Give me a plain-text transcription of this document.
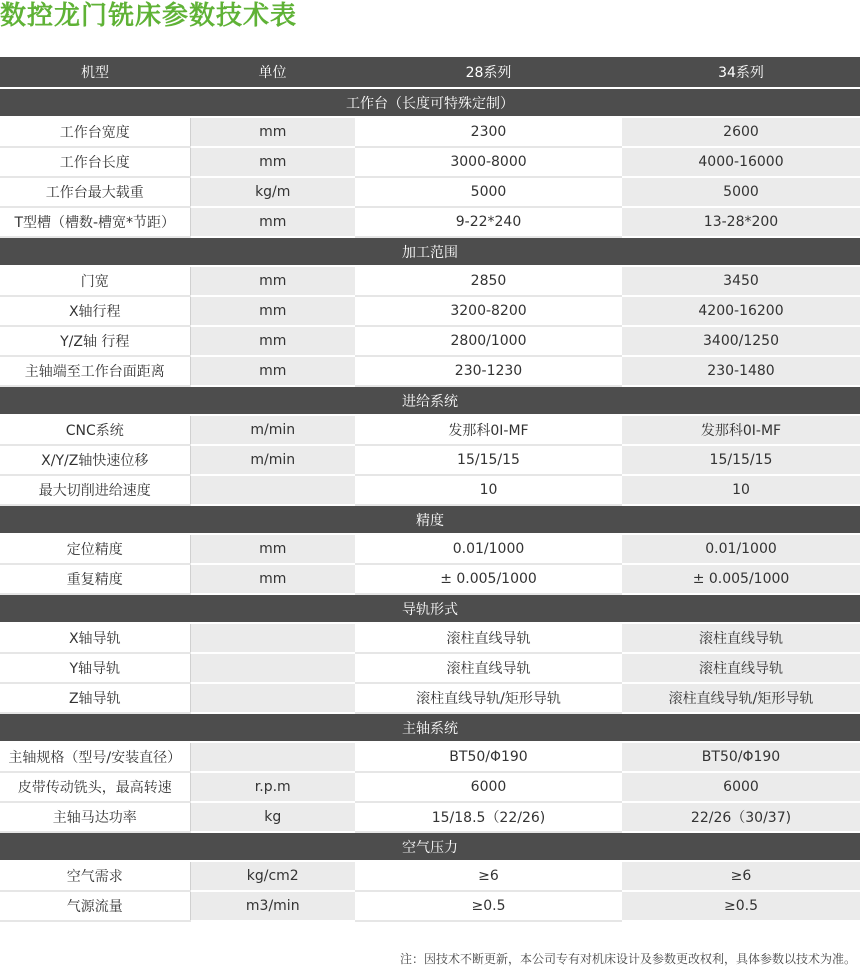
数控龙门铣床参数技术表
机型	单位	28系列	34系列
工作台（长度可特殊定制）			
工作台宽度	mm	2300	2600
工作台长度	mm	3000-8000	4000-16000
工作台最大载重	kg/m	5000	5000
T型槽（槽数-槽宽*节距）	mm	9-22*240	13-28*200
加工范围			
门宽	mm	2850	3450
X轴行程	mm	3200-8200	4200-16200
Y/Z轴 行程	mm	2800/1000	3400/1250
主轴端至工作台面距离	mm	230-1230	230-1480
进给系统			
CNC系统	m/min	发那科0I-MF	发那科0I-MF
X/Y/Z轴快速位移	m/min	15/15/15	15/15/15
最大切削进给速度		10	10
精度			
定位精度	mm	0.01/1000	0.01/1000
重复精度	mm	± 0.005/1000	± 0.005/1000
导轨形式			
X轴导轨		滚柱直线导轨	滚柱直线导轨
Y轴导轨		滚柱直线导轨	滚柱直线导轨
Z轴导轨		滚柱直线导轨/矩形导轨	滚柱直线导轨/矩形导轨
主轴系统			
主轴规格（型号/安装直径）		BT50/Φ190	BT50/Φ190
皮带传动铣头，最高转速	r.p.m	6000	6000
主轴马达功率	kg	15/18.5（22/26)	22/26（30/37)
空气压力			
空气需求	kg/cm2	≥6	≥6
气源流量	m3/min	≥0.5	≥0.5
注：因技术不断更新，本公司专有对机床设计及参数更改权利，具体参数以技术为准。
